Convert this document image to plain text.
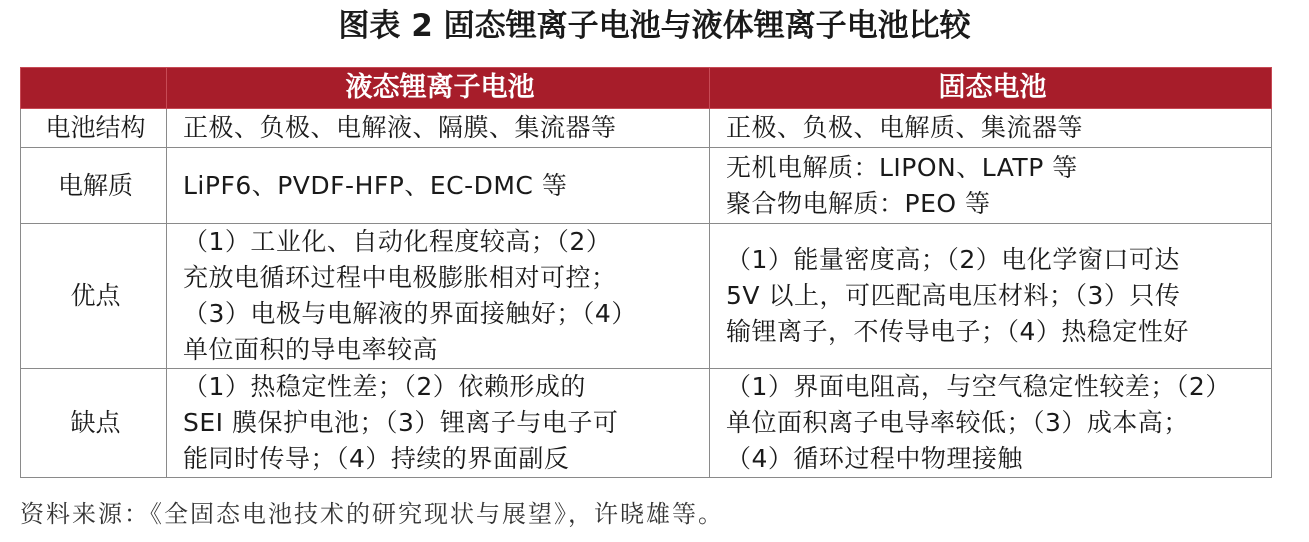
图表 2 固态锂离子电池与液体锂离子电池比较
	液态锂离子电池	固态电池
电池结构	正极、负极、电解液、隔膜、集流器等	正极、负极、电解质、集流器等

电解质	LiPF6、PVDF-HFP、EC-DMC 等	无机电解质：LIPON、LATP 等
聚合物电解质：PEO 等

优点	（1）工业化、自动化程度较高；（2）
充放电循环过程中电极膨胀相对可控；
（3）电极与电解液的界面接触好；（4）
单位面积的导电率较高	（1）能量密度高；（2）电化学窗口可达
5V 以上，可匹配高电压材料；（3）只传
输锂离子，不传导电子；（4）热稳定性好

缺点	（1）热稳定性差；（2）依赖形成的
SEI 膜保护电池；（3）锂离子与电子可
能同时传导；（4）持续的界面副反	（1）界面电阻高，与空气稳定性较差；（2）
单位面积离子电导率较低；（3）成本高；
（4）循环过程中物理接触
资料来源：《全固态电池技术的研究现状与展望》，许晓雄等。
